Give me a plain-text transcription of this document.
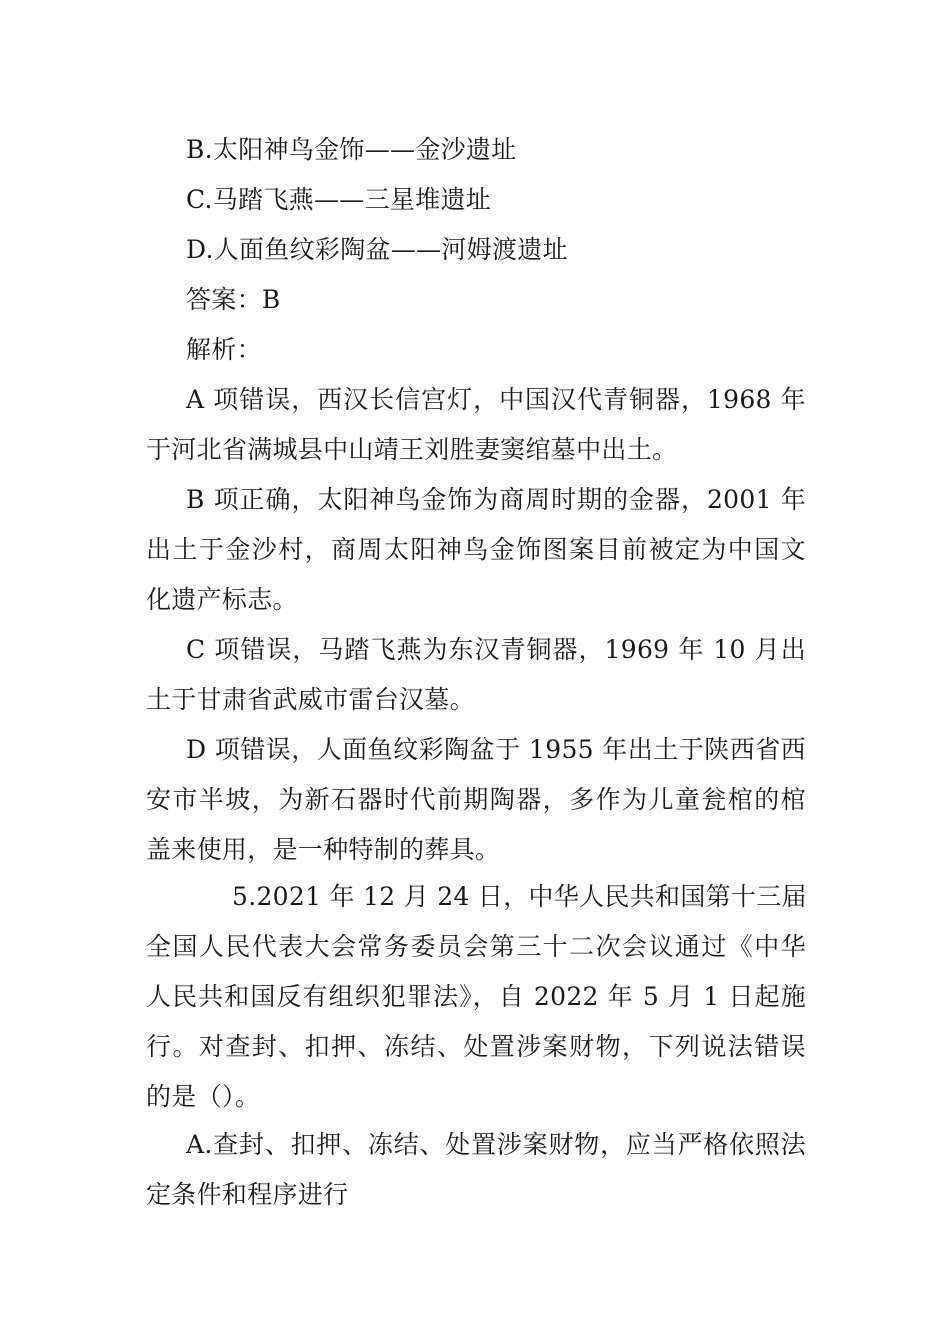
B.太阳神鸟金饰——金沙遗址
C.马踏飞燕——三星堆遗址
D.人面鱼纹彩陶盆——河姆渡遗址
答案：B
解析：
A 项错误，西汉长信宫灯，中国汉代青铜器，1968 年
于河北省满城县中山靖王刘胜妻窦绾墓中出土。
B 项正确，太阳神鸟金饰为商周时期的金器，2001 年
出土于金沙村，商周太阳神鸟金饰图案目前被定为中国文
化遗产标志。
C 项错误，马踏飞燕为东汉青铜器，1969 年 10 月出
土于甘肃省武威市雷台汉墓。
D 项错误，人面鱼纹彩陶盆于 1955 年出土于陕西省西
安市半坡，为新石器时代前期陶器，多作为儿童瓮棺的棺
盖来使用，是一种特制的葬具。
5.2021 年 12 月 24 日，中华人民共和国第十三届
全国人民代表大会常务委员会第三十二次会议通过《中华
人民共和国反有组织犯罪法》，自 2022 年 5 月 1 日起施
行。对查封、扣押、冻结、处置涉案财物，下列说法错误
的是（）。
A.查封、扣押、冻结、处置涉案财物，应当严格依照法
定条件和程序进行
